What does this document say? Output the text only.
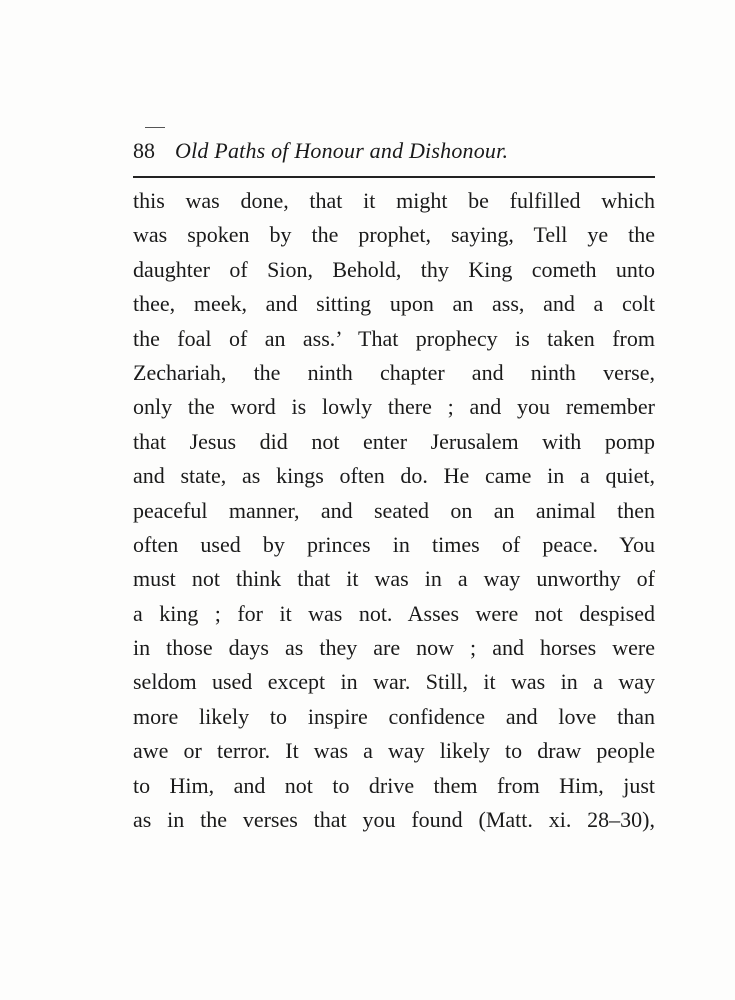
88 Old Paths of Honour and Dishonour.
this was done, that it might be fulfilled which
was spoken by the prophet, saying, Tell ye the
daughter of Sion, Behold, thy King cometh unto
thee, meek, and sitting upon an ass, and a colt
the foal of an ass.’ That prophecy is taken from
Zechariah, the ninth chapter and ninth verse,
only the word is lowly there ; and you remember
that Jesus did not enter Jerusalem with pomp
and state, as kings often do. He came in a quiet,
peaceful manner, and seated on an animal then
often used by princes in times of peace. You
must not think that it was in a way unworthy of
a king ; for it was not. Asses were not despised
in those days as they are now ; and horses were
seldom used except in war. Still, it was in a way
more likely to inspire confidence and love than
awe or terror. It was a way likely to draw people
to Him, and not to drive them from Him, just
as in the verses that you found (Matt. xi. 28–30),
